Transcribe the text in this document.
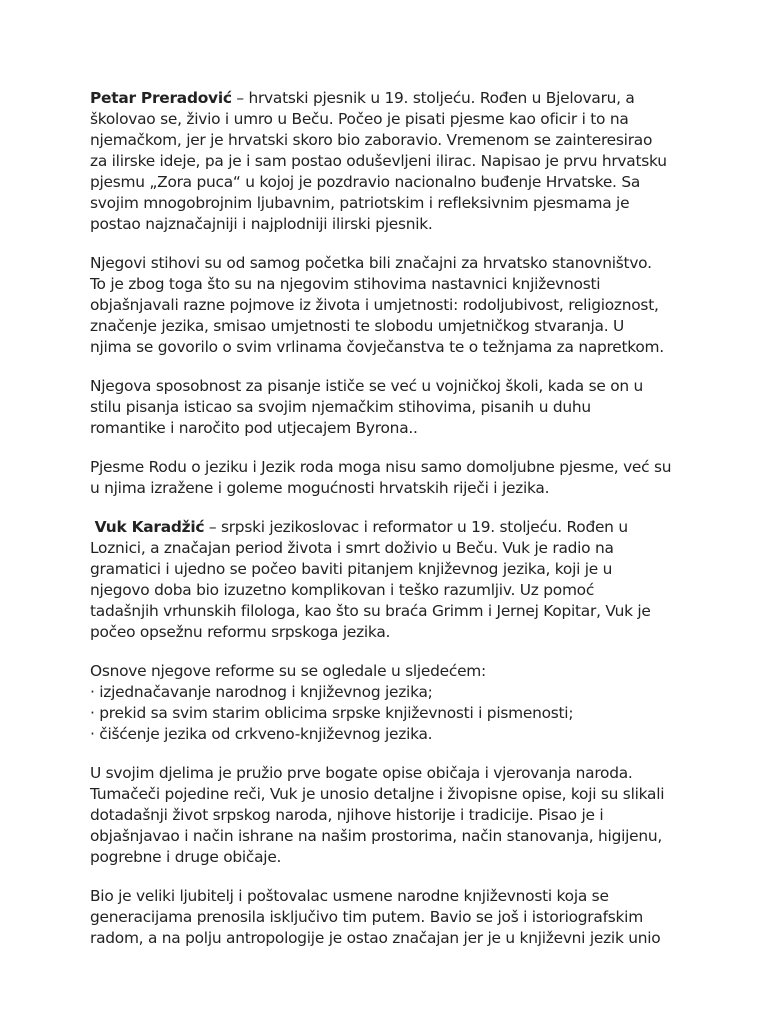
Petar Preradović – hrvatski pjesnik u 19. stoljeću. Rođen u Bjelovaru, a
školovao se, živio i umro u Beču. Počeo je pisati pjesme kao oficir i to na
njemačkom, jer je hrvatski skoro bio zaboravio. Vremenom se zainteresirao
za ilirske ideje, pa je i sam postao oduševljeni ilirac. Napisao je prvu hrvatsku
pjesmu „Zora puca“ u kojoj je pozdravio nacionalno buđenje Hrvatske. Sa
svojim mnogobrojnim ljubavnim, patriotskim i refleksivnim pjesmama je
postao najznačajniji i najplodniji ilirski pjesnik.

Njegovi stihovi su od samog početka bili značajni za hrvatsko stanovništvo.
To je zbog toga što su na njegovim stihovima nastavnici književnosti
objašnjavali razne pojmove iz života i umjetnosti: rodoljubivost, religioznost,
značenje jezika, smisao umjetnosti te slobodu umjetničkog stvaranja. U
njima se govorilo o svim vrlinama čovječanstva te o težnjama za napretkom.

Njegova sposobnost za pisanje ističe se već u vojničkoj školi, kada se on u
stilu pisanja isticao sa svojim njemačkim stihovima, pisanih u duhu
romantike i naročito pod utjecajem Byrona..

Pjesme Rodu o jeziku i Jezik roda moga nisu samo domoljubne pjesme, već su
u njima izražene i goleme mogućnosti hrvatskih riječi i jezika.

Vuk Karadžić – srpski jezikoslovac i reformator u 19. stoljeću. Rođen u
Loznici, a značajan period života i smrt doživio u Beču. Vuk je radio na
gramatici i ujedno se počeo baviti pitanjem književnog jezika, koji je u
njegovo doba bio izuzetno komplikovan i teško razumljiv. Uz pomoć
tadašnjih vrhunskih filologa, kao što su braća Grimm i Jernej Kopitar, Vuk je
počeo opsežnu reformu srpskoga jezika.

Osnove njegove reforme su se ogledale u sljedećem:
· izjednačavanje narodnog i književnog jezika;
· prekid sa svim starim oblicima srpske književnosti i pismenosti;
· čišćenje jezika od crkveno-književnog jezika.

U svojim djelima je pružio prve bogate opise običaja i vjerovanja naroda.
Tumačeči pojedine reči, Vuk je unosio detaljne i živopisne opise, koji su slikali
dotadašnji život srpskog naroda, njihove historije i tradicije. Pisao je i
objašnjavao i način ishrane na našim prostorima, način stanovanja, higijenu,
pogrebne i druge običaje.

Bio je veliki ljubitelj i poštovalac usmene narodne književnosti koja se
generacijama prenosila isključivo tim putem. Bavio se još i istoriografskim
radom, a na polju antropologije je ostao značajan jer je u književni jezik unio
